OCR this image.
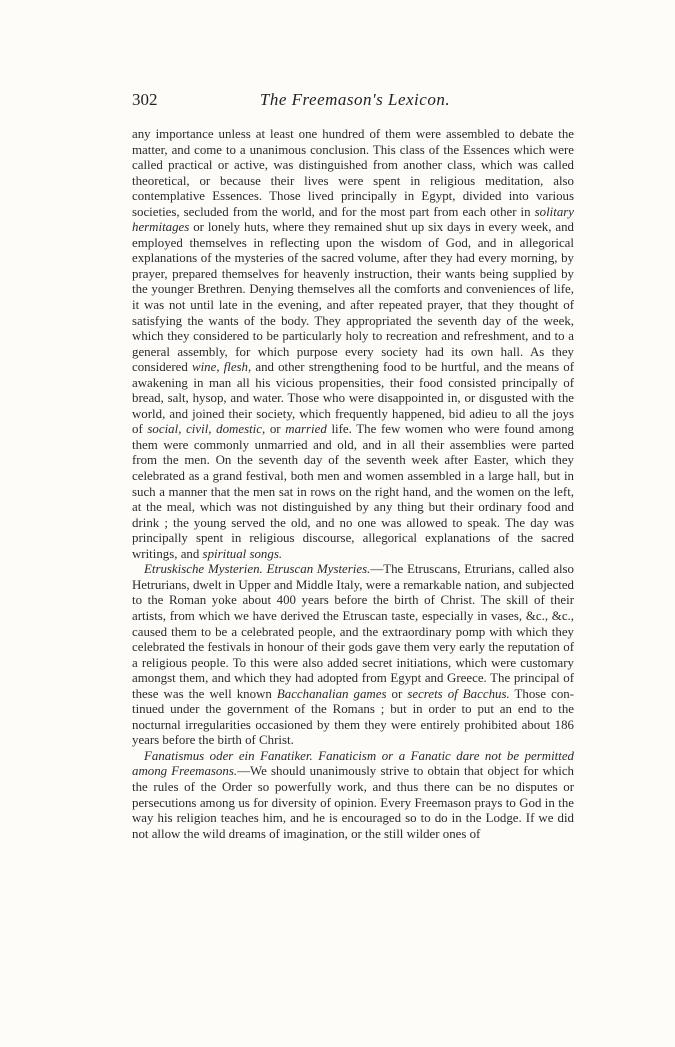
302	The Freemason's Lexicon.

any importance unless at least one hundred of them were assembled to debate the matter, and come to a unanimous conclusion. This class of the Essences which were called practical or active, was distinguished from another class, which was called theoretical, or because their lives were spent in religious meditation, also contemplative Essences. Those lived principally in Egypt, divided into various societies, secluded from the world, and for the most part from each other in solitary hermitages or lonely huts, where they remained shut up six days in every week, and employed themselves in reflecting upon the wisdom of God, and in allegorical explanations of the mysteries of the sacred volume, after they had every morning, by prayer, prepared themselves for heavenly instruction, their wants being supplied by the younger Brethren. Denying themselves all the comforts and conveniences of life, it was not until late in the evening, and after repeated prayer, that they thought of satisfying the wants of the body. They appropriated the seventh day of the week, which they considered to be particularly holy to recreation and refreshment, and to a general assembly, for which purpose every society had its own hall. As they considered wine, flesh, and other strengthening food to be hurtful, and the means of awakening in man all his vicious propensities, their food consisted principally of bread, salt, hysop, and water. Those who were disappointed in, or disgusted with the world, and joined their society, which frequently happened, bid adieu to all the joys of social, civil, domestic, or married life. The few women who were found among them were commonly unmarried and old, and in all their assemblies were parted from the men. On the seventh day of the seventh week after Easter, which they celebrated as a grand festival, both men and women assembled in a large hall, but in such a manner that the men sat in rows on the right hand, and the women on the left, at the meal, which was not distinguished by any thing but their ordinary food and drink ; the young served the old, and no one was allowed to speak. The day was principally spent in religious discourse, allegorical explanations of the sacred writings, and spiritual songs.

Etruskische Mysterien. Etruscan Mysteries.—The Etruscans, Etrurians, called also Hetrurians, dwelt in Upper and Middle Italy, were a remarkable nation, and subjected to the Roman yoke about 400 years before the birth of Christ. The skill of their artists, from which we have derived the Etruscan taste, especially in vases, &c., &c., caused them to be a celebrated people, and the extraordinary pomp with which they celebrated the festivals in honour of their gods gave them very early the reputation of a religious people. To this were also added secret initiations, which were customary amongst them, and which they had adopted from Egypt and Greece. The principal of these was the well known Bacchanalian games or secrets of Bacchus. Those continued under the government of the Romans ; but in order to put an end to the nocturnal irregularities occasioned by them they were entirely prohibited about 186 years before the birth of Christ.

Fanatismus oder ein Fanatiker. Fanaticism or a Fanatic dare not be permitted among Freemasons.—We should unanimously strive to obtain that object for which the rules of the Order so powerfully work, and thus there can be no disputes or persecutions among us for diversity of opinion. Every Freemason prays to God in the way his religion teaches him, and he is encouraged so to do in the Lodge. If we did not allow the wild dreams of imagination, or the still wilder ones of
